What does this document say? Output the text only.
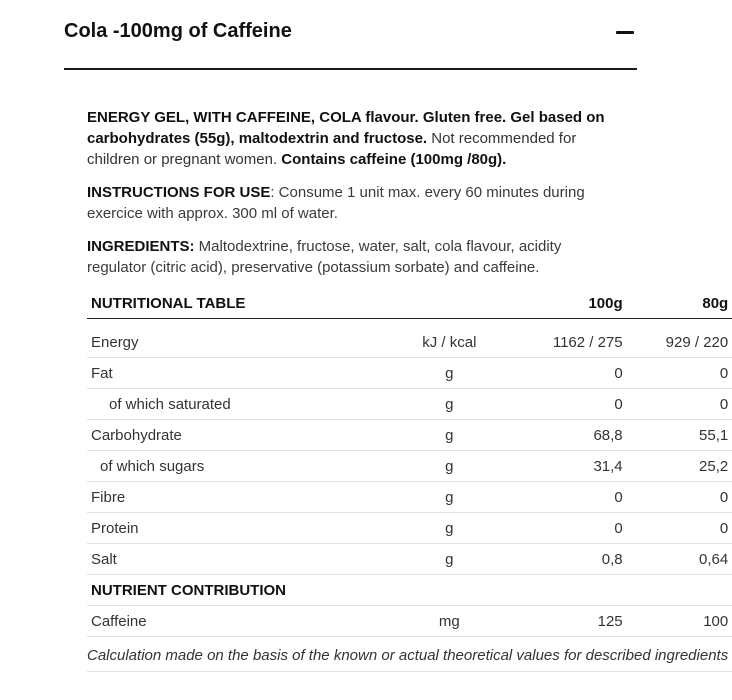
Cola -100mg of Caffeine

ENERGY GEL, WITH CAFFEINE, COLA flavour. Gluten free. Gel based on carbohydrates (55g), maltodextrin and fructose. Not recommended for children or pregnant women. Contains caffeine (100mg /80g).

INSTRUCTIONS FOR USE: Consume 1 unit max. every 60 minutes during exercice with approx. 300 ml of water.

INGREDIENTS: Maltodextrine, fructose, water, salt, cola flavour, acidity regulator (citric acid), preservative (potassium sorbate) and caffeine.

NUTRITIONAL TABLE		100g	80g
Energy	kJ / kcal	1162 / 275	929 / 220
Fat	g	0	0
of which saturated	g	0	0
Carbohydrate	g	68,8	55,1
of which sugars	g	31,4	25,2
Fibre	g	0	0
Protein	g	0	0
Salt	g	0,8	0,64
NUTRIENT CONTRIBUTION			
Caffeine	mg	125	100
Calculation made on the basis of the known or actual theoretical values for described ingredients			
